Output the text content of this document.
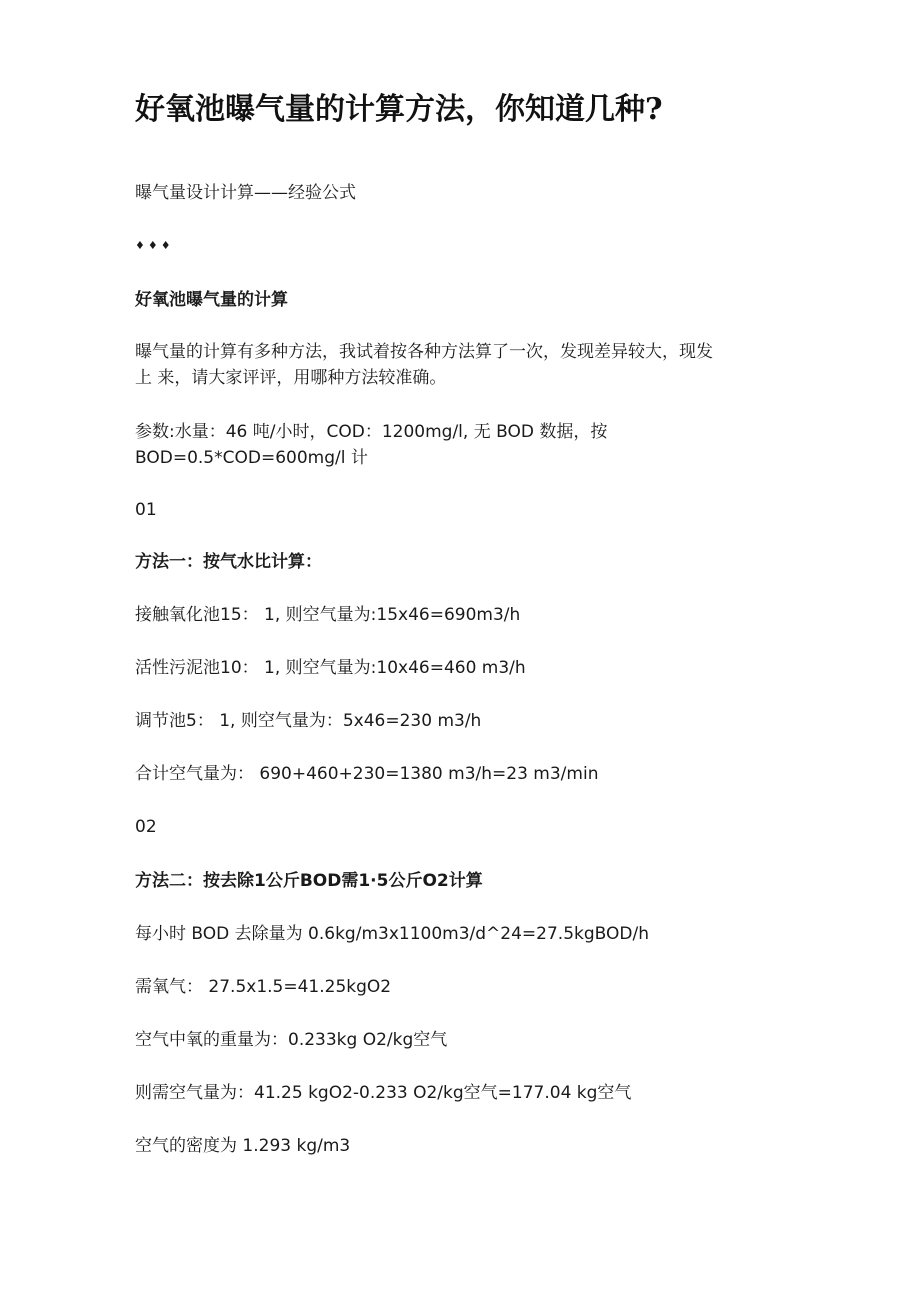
好氧池曝气量的计算方法，你知道几种?
曝气量设计计算——经验公式
♦♦♦
好氧池曝气量的计算
曝气量的计算有多种方法，我试着按各种方法算了一次，发现差异较大，现发
上 来，请大家评评，用哪种方法较准确。
参数:水量：46 吨/小时，COD：1200mg/l, 无 BOD 数据，按
BOD=0.5*COD=600mg/l 计
01
方法一：按气水比计算：
接触氧化池15： 1, 则空气量为:15x46=690m3/h
活性污泥池10： 1, 则空气量为:10x46=460 m3/h
调节池5： 1, 则空气量为：5x46=230 m3/h
合计空气量为： 690+460+230=1380 m3/h=23 m3/min
02
方法二：按去除1公斤BOD需1·5公斤O2计算
每小时 BOD 去除量为 0.6kg/m3x1100m3/d^24=27.5kgBOD/h
需氧气： 27.5x1.5=41.25kgO2
空气中氧的重量为：0.233kg O2/kg空气
则需空气量为：41.25 kgO2-0.233 O2/kg空气=177.04 kg空气
空气的密度为 1.293 kg/m3
